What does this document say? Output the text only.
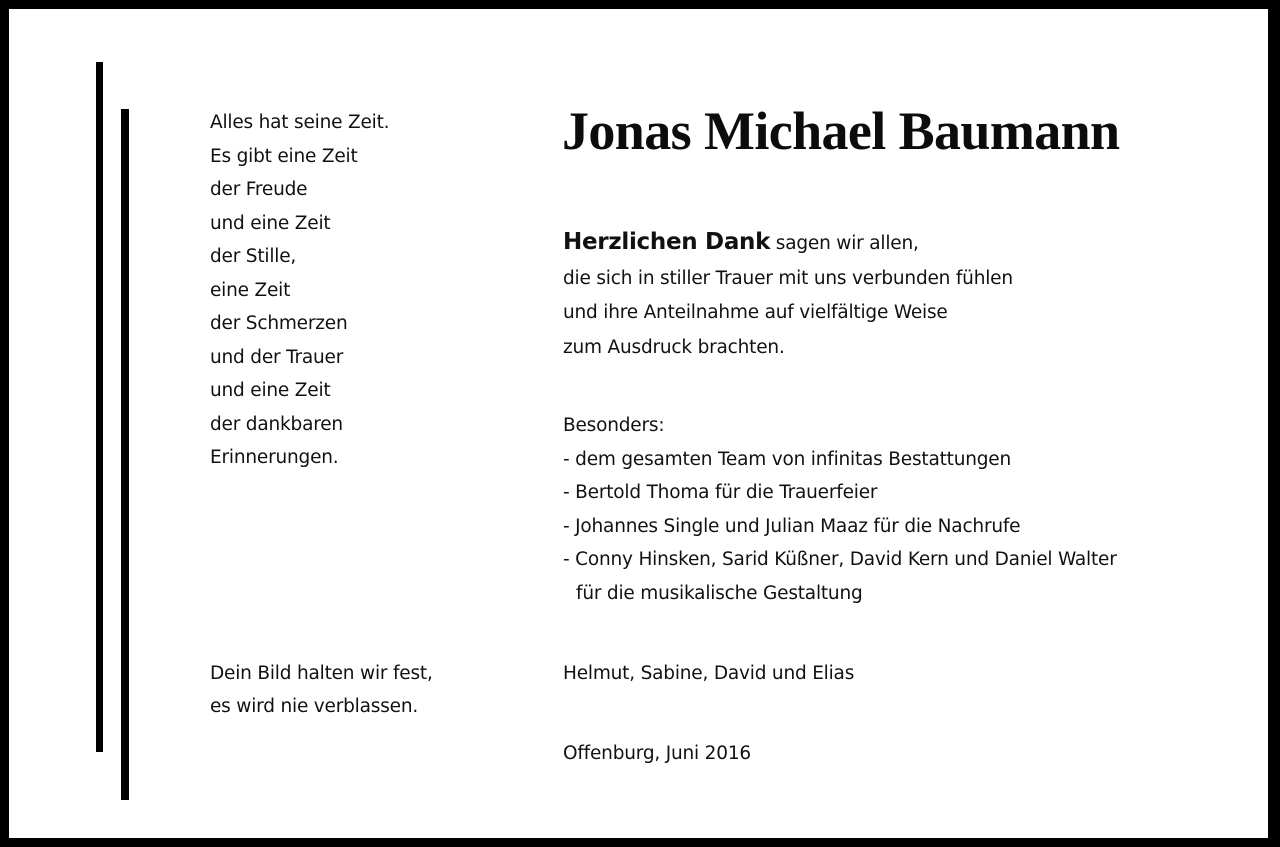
Alles hat seine Zeit.
Es gibt eine Zeit
der Freude
und eine Zeit
der Stille,
eine Zeit
der Schmerzen
und der Trauer
und eine Zeit
der dankbaren
Erinnerungen.
Dein Bild halten wir fest,
es wird nie verblassen.
Jonas Michael Baumann
Herzlichen Dank sagen wir allen,
die sich in stiller Trauer mit uns verbunden fühlen
und ihre Anteilnahme auf vielfältige Weise
zum Ausdruck brachten.
Besonders:
- dem gesamten Team von infinitas Bestattungen
- Bertold Thoma für die Trauerfeier
- Johannes Single und Julian Maaz für die Nachrufe
- Conny Hinsken, Sarid Küßner, David Kern und Daniel Walter
für die musikalische Gestaltung
Helmut, Sabine, David und Elias
Offenburg, Juni 2016
